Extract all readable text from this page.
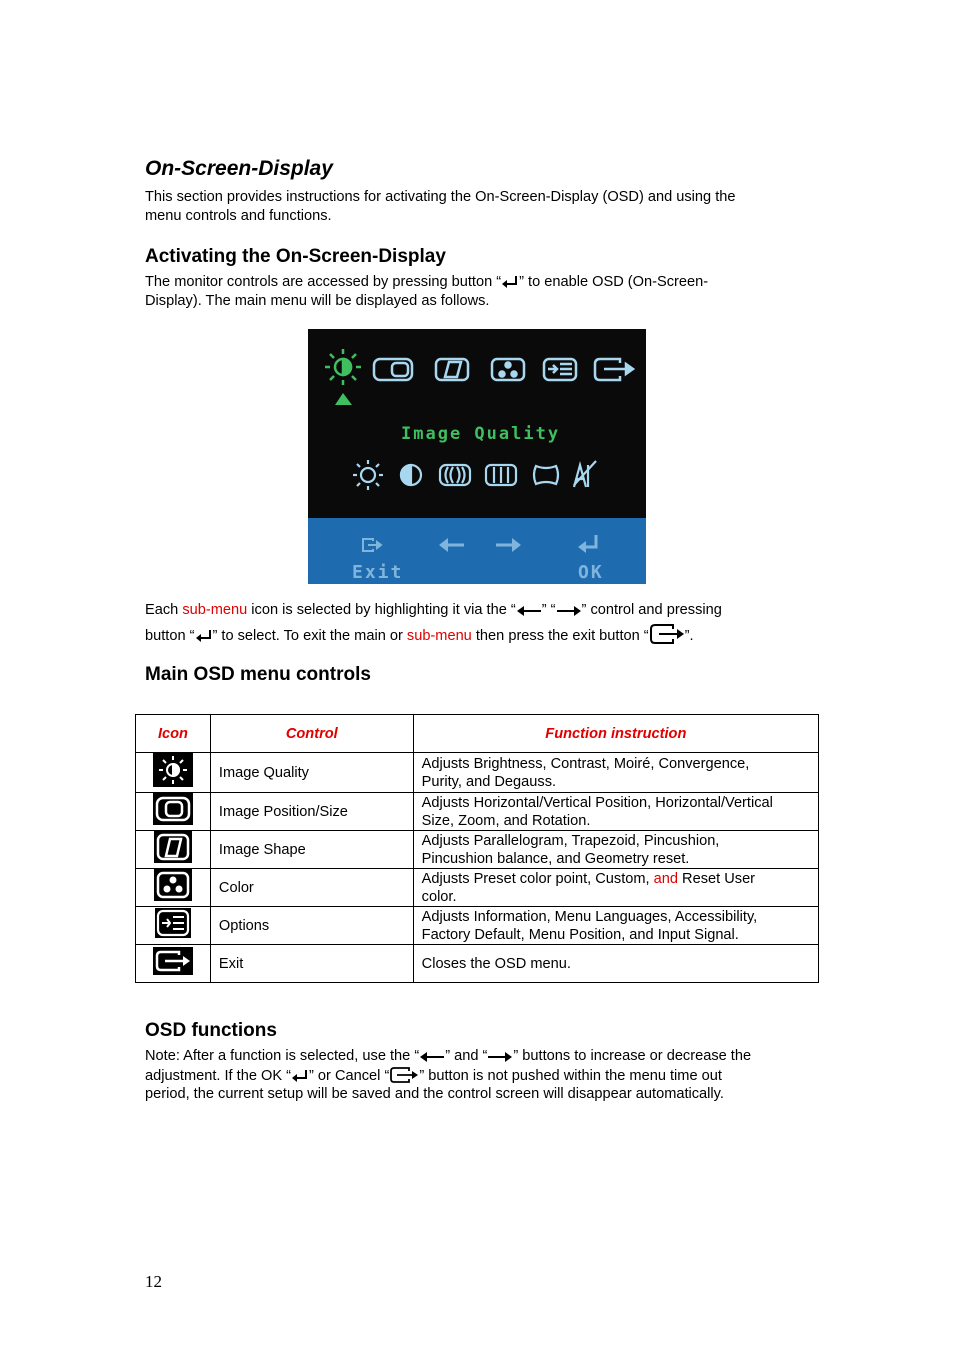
On-Screen-Display
This section provides instructions for activating the On-Screen-Display (OSD) and using the
menu controls and functions.
Activating the On-Screen-Display
The monitor controls are accessed by pressing button “ ” to enable OSD (On-Screen-
Display). The main menu will be displayed as follows.
Image Quality
Exit	OK
Each sub-menu icon is selected by highlighting it via the “ ” “ ” control and pressing
button “ ” to select. To exit the main or sub-menu then press the exit button “ ”.
Main OSD menu controls
Icon	Control	Function instruction
	Image Quality	Adjusts Brightness, Contrast, Moiré, Convergence,
Purity, and Degauss.

	Image Position/Size	Adjusts Horizontal/Vertical Position, Horizontal/Vertical
Size, Zoom, and Rotation.

	Image Shape	Adjusts Parallelogram, Trapezoid, Pincushion,
Pincushion balance, and Geometry reset.

	Color	Adjusts Preset color point, Custom, and Reset User
color.

	Options	Adjusts Information, Menu Languages, Accessibility,
Factory Default, Menu Position, and Input Signal.

	Exit	Closes the OSD menu.
OSD functions
Note: After a function is selected, use the “ ” and “ ” buttons to increase or decrease the
adjustment. If the OK “ ” or Cancel “ ” button is not pushed within the menu time out
period, the current setup will be saved and the control screen will disappear automatically.
12
